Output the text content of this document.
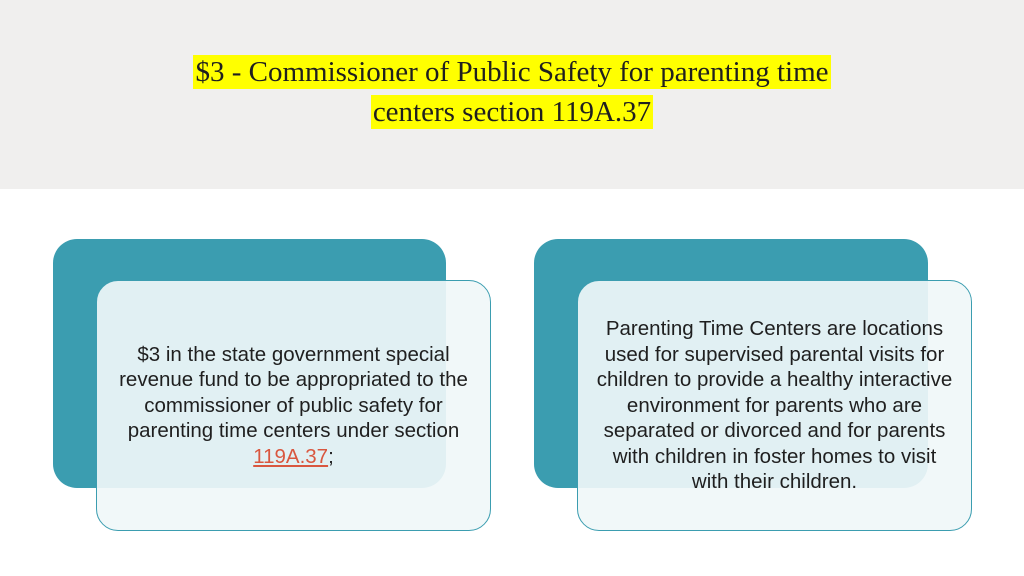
$3 - Commissioner of Public Safety for parenting time
centers section 119A.37
$3 in the state government special revenue fund to be appropriated to the commissioner of public safety for parenting time centers under section 119A.37;
Parenting Time Centers are locations used for supervised parental visits for children to provide a healthy interactive environment for parents who are separated or divorced and for parents with children in foster homes to visit with their children.
